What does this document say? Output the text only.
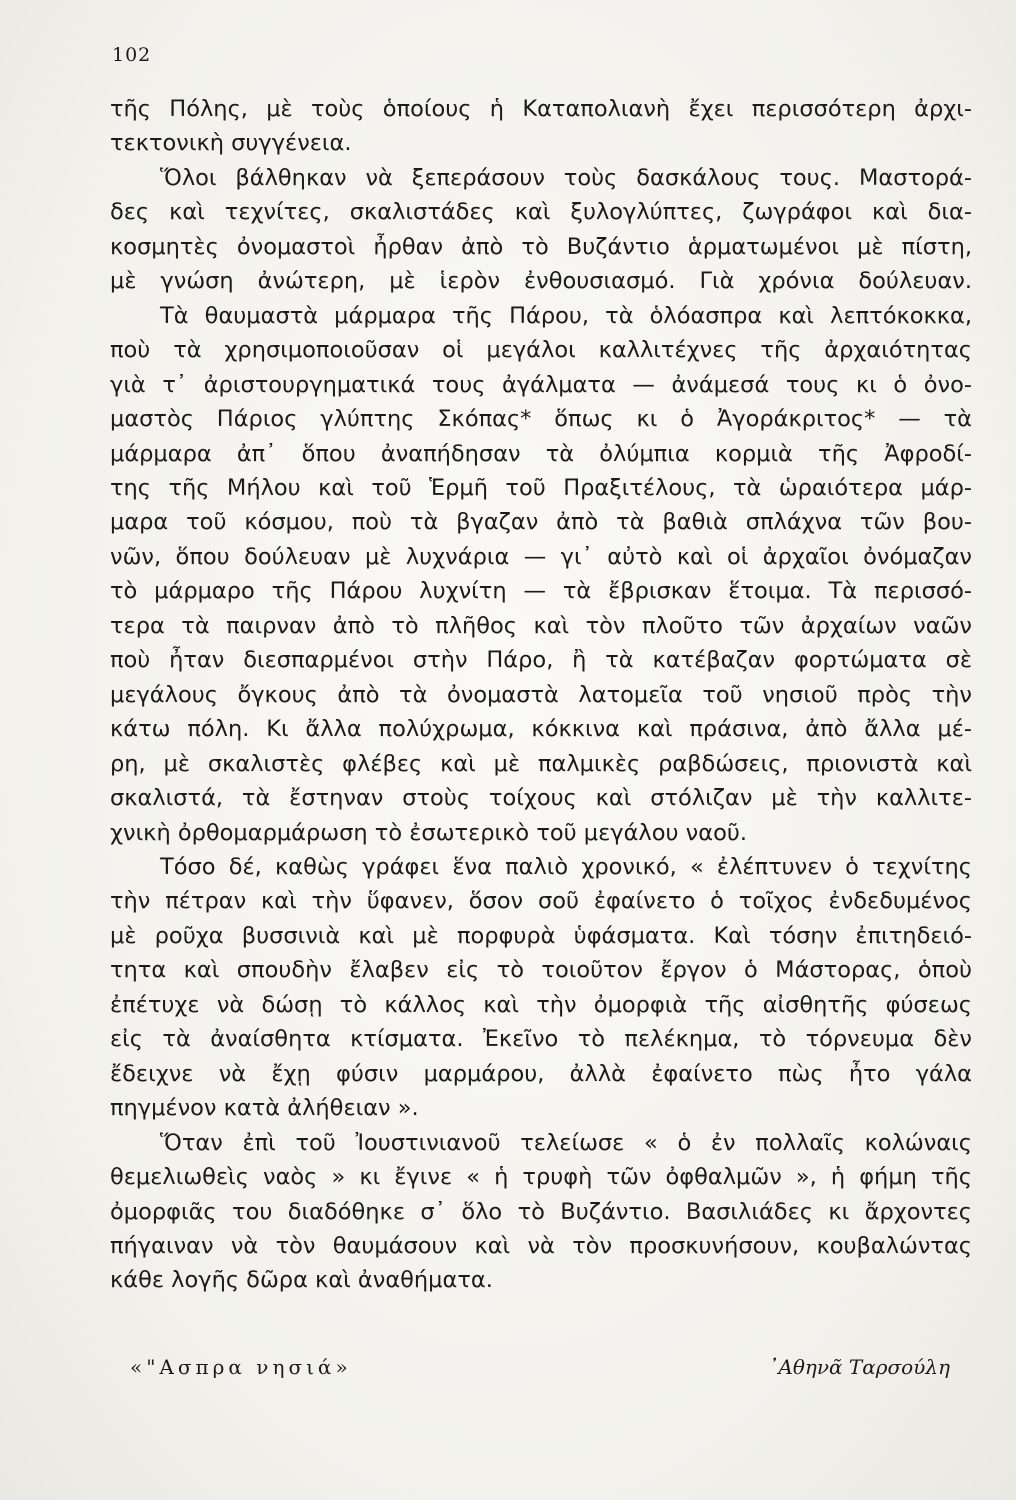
102

τῆς Πόλης, μὲ τοὺς ὁποίους ἡ Καταπολιανὴ ἔχει περισσότερη ἀρχι-

τεκτονικὴ συγγένεια.

Ὅλοι βάλθηκαν νὰ ξεπεράσουν τοὺς δασκάλους τους. Μαστορά-

δες καὶ τεχνίτες, σκαλιστάδες καὶ ξυλογλύπτες, ζωγράφοι καὶ δια-

κοσμητὲς ὀνομαστοὶ ἦρθαν ἀπὸ τὸ Βυζάντιο ἁρματωμένοι μὲ πίστη,

μὲ γνώση ἀνώτερη, μὲ ἱερὸν ἐνθουσιασμό. Γιὰ χρόνια δούλευαν.

Τὰ θαυμαστὰ μάρμαρα τῆς Πάρου, τὰ ὁλόασπρα καὶ λεπτόκοκκα,

ποὺ τὰ χρησιμοποιοῦσαν οἱ μεγάλοι καλλιτέχνες τῆς ἀρχαιότητας

γιὰ τ᾿ ἀριστουργηματικά τους ἀγάλματα — ἀνάμεσά τους κι ὁ ὀνο-

μαστὸς Πάριος γλύπτης Σκόπας* ὅπως κι ὁ Ἀγοράκριτος* — τὰ

μάρμαρα ἀπ᾿ ὅπου ἀναπήδησαν τὰ ὀλύμπια κορμιὰ τῆς Ἀφροδί-

της τῆς Μήλου καὶ τοῦ Ἑρμῆ τοῦ Πραξιτέλους, τὰ ὡραιότερα μάρ-

μαρα τοῦ κόσμου, ποὺ τὰ βγαζαν ἀπὸ τὰ βαθιὰ σπλάχνα τῶν βου-

νῶν, ὅπου δούλευαν μὲ λυχνάρια — γι᾿ αὐτὸ καὶ οἱ ἀρχαῖοι ὀνόμαζαν

τὸ μάρμαρο τῆς Πάρου λυχνίτη — τὰ ἔβρισκαν ἕτοιμα. Τὰ περισσό-

τερα τὰ παιρναν ἀπὸ τὸ πλῆθος καὶ τὸν πλοῦτο τῶν ἀρχαίων ναῶν

ποὺ ἦταν διεσπαρμένοι στὴν Πάρο, ἢ τὰ κατέβαζαν φορτώματα σὲ

μεγάλους ὄγκους ἀπὸ τὰ ὀνομαστὰ λατομεῖα τοῦ νησιοῦ πρὸς τὴν

κάτω πόλη. Κι ἄλλα πολύχρωμα, κόκκινα καὶ πράσινα, ἀπὸ ἄλλα μέ-

ρη, μὲ σκαλιστὲς φλέβες καὶ μὲ παλμικὲς ραβδώσεις, πριονιστὰ καὶ

σκαλιστά, τὰ ἔστηναν στοὺς τοίχους καὶ στόλιζαν μὲ τὴν καλλιτε-

χνικὴ ὀρθομαρμάρωση τὸ ἐσωτερικὸ τοῦ μεγάλου ναοῦ.

Τόσο δέ, καθὼς γράφει ἕνα παλιὸ χρονικό, « ἐλέπτυνεν ὁ τεχνίτης

τὴν πέτραν καὶ τὴν ὕφανεν, ὅσον σοῦ ἐφαίνετο ὁ τοῖχος ἐνδεδυμένος

μὲ ροῦχα βυσσινιὰ καὶ μὲ πορφυρὰ ὑφάσματα. Καὶ τόσην ἐπιτηδειό-

τητα καὶ σπουδὴν ἔλαβεν εἰς τὸ τοιοῦτον ἔργον ὁ Μάστορας, ὁποὺ

ἐπέτυχε νὰ δώσῃ τὸ κάλλος καὶ τὴν ὀμορφιὰ τῆς αἰσθητῆς φύσεως

εἰς τὰ ἀναίσθητα κτίσματα. Ἐκεῖνο τὸ πελέκημα, τὸ τόρνευμα δὲν

ἔδειχνε νὰ ἔχῃ φύσιν μαρμάρου, ἀλλὰ ἐφαίνετο πὼς ἦτο γάλα

πηγμένον κατὰ ἀλήθειαν ».

Ὅταν ἐπὶ τοῦ Ἰουστινιανοῦ τελείωσε « ὁ ἐν πολλαῖς κολώναις

θεμελιωθεὶς ναὸς » κι ἔγινε « ἡ τρυφὴ τῶν ὀφθαλμῶν », ἡ φήμη τῆς

ὀμορφιᾶς του διαδόθηκε σ᾿ ὅλο τὸ Βυζάντιο. Βασιλιάδες κι ἄρχοντες

πήγαιναν νὰ τὸν θαυμάσουν καὶ νὰ τὸν προσκυνήσουν, κουβαλώντας

κάθε λογῆς δῶρα καὶ ἀναθήματα.

«"Ασπρα νησιά»	᾿Αθηνᾶ Ταρσούλη
